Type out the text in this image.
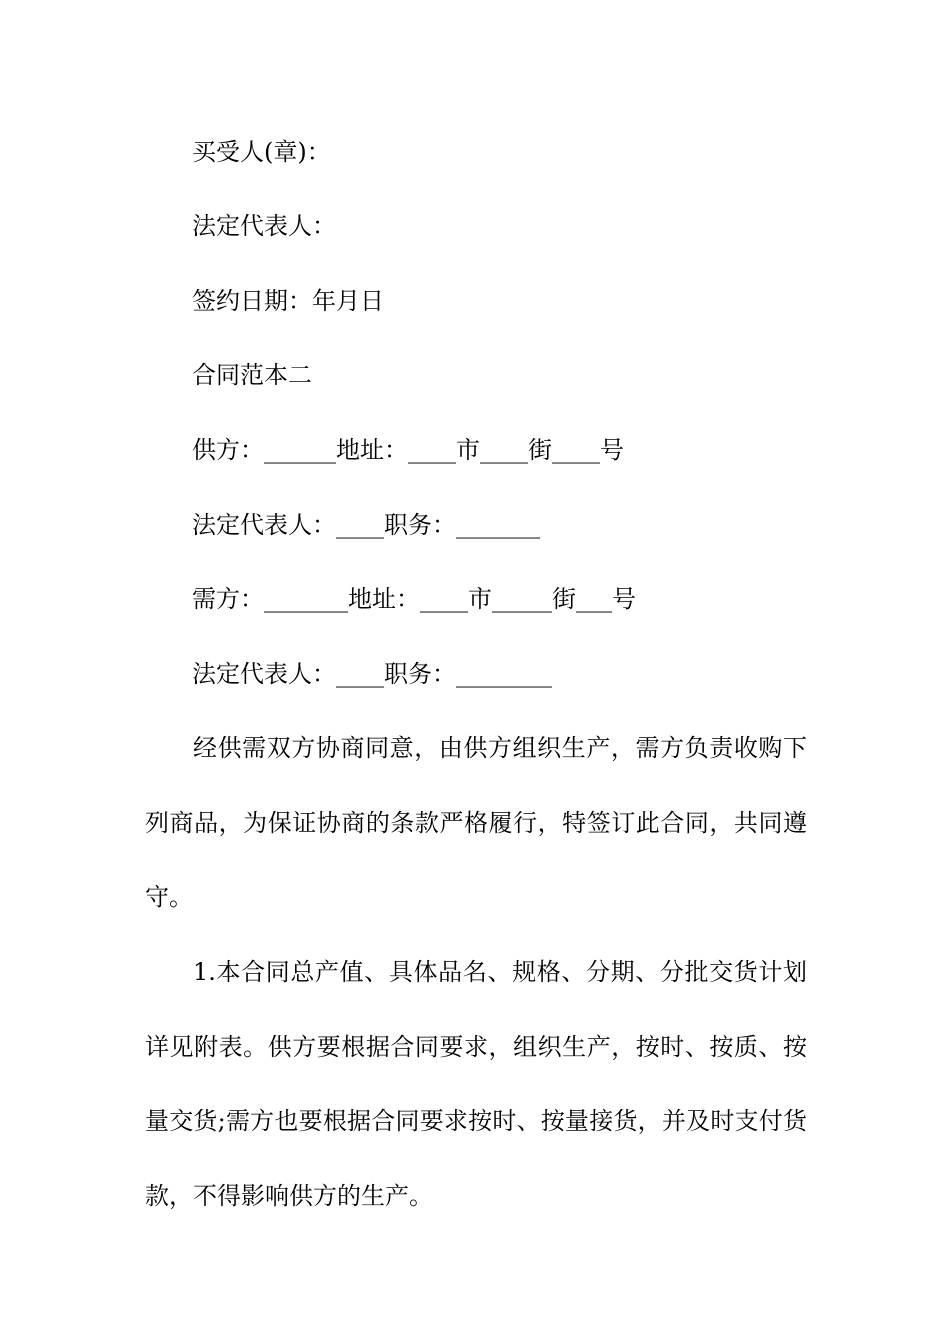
买受人(章)：
法定代表人：
签约日期：年月日
合同范本二
供方：______地址：____市____街____号
法定代表人：____职务：_______
需方：_______地址：____市_____街___号
法定代表人：____职务：________

经供需双方协商同意，由供方组织生产，需方负责收购下列商品，为保证协商的条款严格履行，特签订此合同，共同遵守。

1.本合同总产值、具体品名、规格、分期、分批交货计划详见附表。供方要根据合同要求，组织生产，按时、按质、按量交货;需方也要根据合同要求按时、按量接货，并及时支付货款，不得影响供方的生产。
